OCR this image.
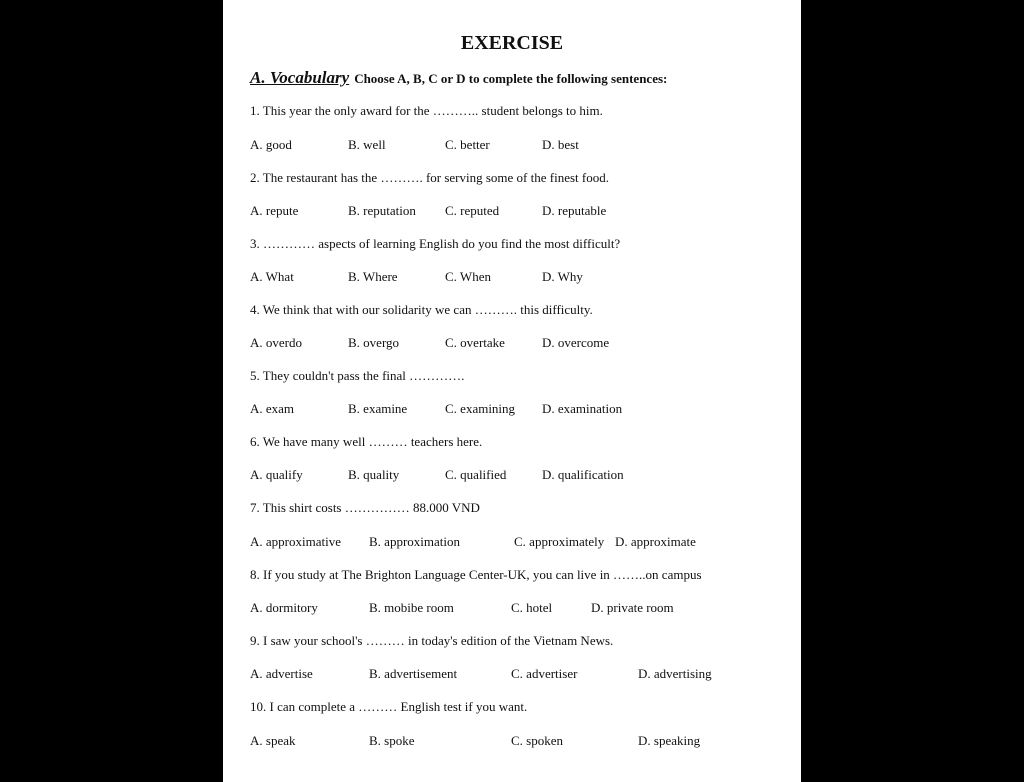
EXERCISE
A. Vocabulary Choose A, B, C or D to complete the following sentences:
1. This year the only award for the ……….. student belongs to him.
A. good	B. well	C. better	D. best
2. The restaurant has the ………. for serving some of the finest food.
A. repute	B. reputation C. reputed	D. reputable
3. ………… aspects of learning English do you find the most difficult?
A. What	B. Where	C. When	D. Why
4. We think that with our solidarity we can ………. this difficulty.
A. overdo	B. overgo	C. overtake	D. overcome
5. They couldn't pass the final ………….
A. exam	B. examine	C. examining D. examination
6. We have many well ……… teachers here.
A. qualify	B. quality	C. qualified	D. qualification
7. This shirt costs …………… 88.000 VND
A. approximative B. approximation	C. approximately D. approximate
8. If you study at The Brighton Language Center-UK, you can live in ……..on campus
A. dormitory	B. mobibe room	C. hotel	D. private room
9. I saw your school's ……… in today's edition of the Vietnam News.
A. advertise	B. advertisement	C. advertiser	D. advertising
10. I can complete a ……… English test if you want.
A. speak	B. spoke	C. spoken	D. speaking
